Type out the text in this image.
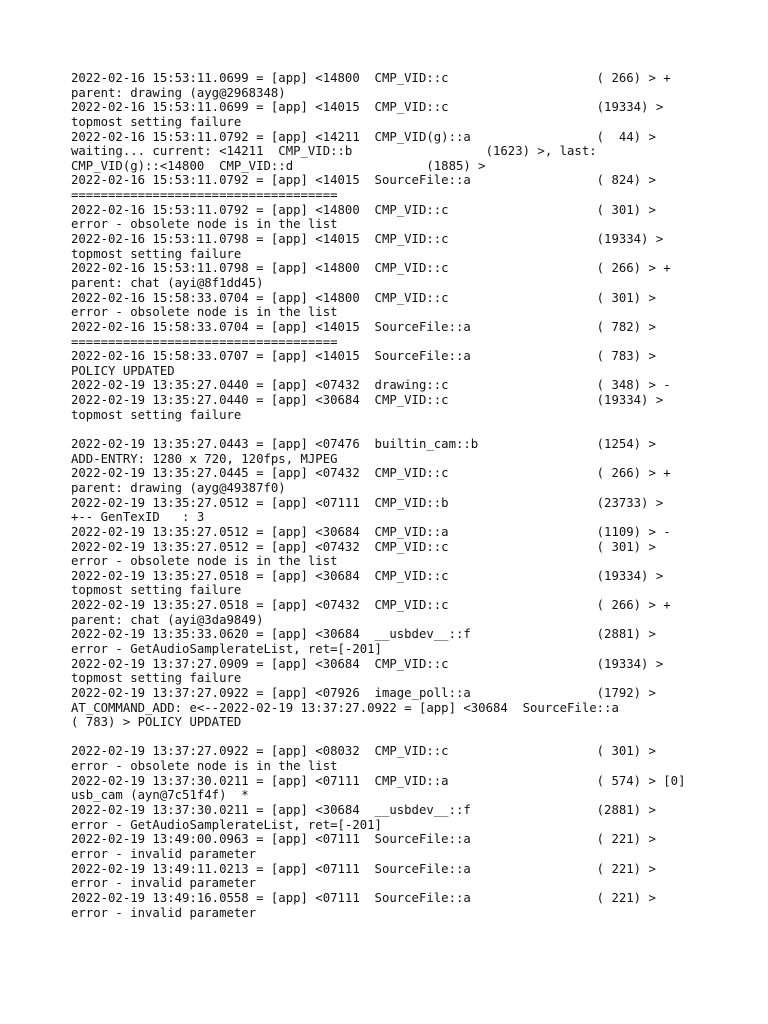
2022-02-16 15:53:11.0699 = [app] <14800  CMP_VID::c                    ( 266) > +
parent: drawing (ayg@2968348)
2022-02-16 15:53:11.0699 = [app] <14015  CMP_VID::c                    (19334) >
topmost setting failure
2022-02-16 15:53:11.0792 = [app] <14211  CMP_VID(g)::a                 (  44) >
waiting... current: <14211  CMP_VID::b                  (1623) >, last:
CMP_VID(g)::<14800  CMP_VID::d                  (1885) >
2022-02-16 15:53:11.0792 = [app] <14015  SourceFile::a                 ( 824) >
====================================
2022-02-16 15:53:11.0792 = [app] <14800  CMP_VID::c                    ( 301) >
error - obsolete node is in the list
2022-02-16 15:53:11.0798 = [app] <14015  CMP_VID::c                    (19334) >
topmost setting failure
2022-02-16 15:53:11.0798 = [app] <14800  CMP_VID::c                    ( 266) > +
parent: chat (ayi@8f1dd45)
2022-02-16 15:58:33.0704 = [app] <14800  CMP_VID::c                    ( 301) >
error - obsolete node is in the list
2022-02-16 15:58:33.0704 = [app] <14015  SourceFile::a                 ( 782) >
====================================
2022-02-16 15:58:33.0707 = [app] <14015  SourceFile::a                 ( 783) >
POLICY UPDATED
2022-02-19 13:35:27.0440 = [app] <07432  drawing::c                    ( 348) > -
2022-02-19 13:35:27.0440 = [app] <30684  CMP_VID::c                    (19334) >
topmost setting failure
2022-02-19 13:35:27.0443 = [app] <07476  builtin_cam::b                (1254) >
ADD-ENTRY: 1280 x 720, 120fps, MJPEG
2022-02-19 13:35:27.0445 = [app] <07432  CMP_VID::c                    ( 266) > +
parent: drawing (ayg@49387f0)
2022-02-19 13:35:27.0512 = [app] <07111  CMP_VID::b                    (23733) >
+-- GenTexID   : 3
2022-02-19 13:35:27.0512 = [app] <30684  CMP_VID::a                    (1109) > -
2022-02-19 13:35:27.0512 = [app] <07432  CMP_VID::c                    ( 301) >
error - obsolete node is in the list
2022-02-19 13:35:27.0518 = [app] <30684  CMP_VID::c                    (19334) >
topmost setting failure
2022-02-19 13:35:27.0518 = [app] <07432  CMP_VID::c                    ( 266) > +
parent: chat (ayi@3da9849)
2022-02-19 13:35:33.0620 = [app] <30684  __usbdev__::f                 (2881) >
error - GetAudioSamplerateList, ret=[-201]
2022-02-19 13:37:27.0909 = [app] <30684  CMP_VID::c                    (19334) >
topmost setting failure
2022-02-19 13:37:27.0922 = [app] <07926  image_poll::a                 (1792) >
AT_COMMAND_ADD: e<--2022-02-19 13:37:27.0922 = [app] <30684  SourceFile::a
( 783) > POLICY UPDATED
2022-02-19 13:37:27.0922 = [app] <08032  CMP_VID::c                    ( 301) >
error - obsolete node is in the list
2022-02-19 13:37:30.0211 = [app] <07111  CMP_VID::a                    ( 574) > [0]
usb_cam (ayn@7c51f4f)  *
2022-02-19 13:37:30.0211 = [app] <30684  __usbdev__::f                 (2881) >
error - GetAudioSamplerateList, ret=[-201]
2022-02-19 13:49:00.0963 = [app] <07111  SourceFile::a                 ( 221) >
error - invalid parameter
2022-02-19 13:49:11.0213 = [app] <07111  SourceFile::a                 ( 221) >
error - invalid parameter
2022-02-19 13:49:16.0558 = [app] <07111  SourceFile::a                 ( 221) >
error - invalid parameter
